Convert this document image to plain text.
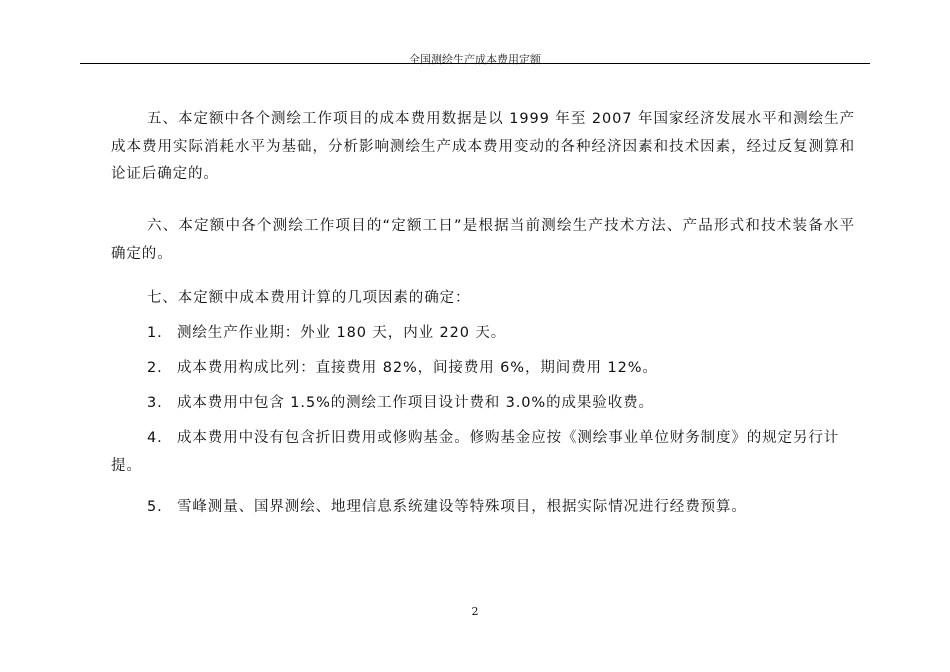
全国测绘生产成本费用定额
五、本定额中各个测绘工作项目的成本费用数据是以 1999 年至 2007 年国家经济发展水平和测绘生产成本费用实际消耗水平为基础，分析影响测绘生产成本费用变动的各种经济因素和技术因素，经过反复测算和论证后确定的。
六、本定额中各个测绘工作项目的“定额工日”是根据当前测绘生产技术方法、产品形式和技术装备水平确定的。
七、本定额中成本费用计算的几项因素的确定：
1. 测绘生产作业期：外业 180 天，内业 220 天。
2. 成本费用构成比列：直接费用 82%，间接费用 6%，期间费用 12%。
3. 成本费用中包含 1.5%的测绘工作项目设计费和 3.0%的成果验收费。
4. 成本费用中没有包含折旧费用或修购基金。修购基金应按《测绘事业单位财务制度》的规定另行计提。
5. 雪峰测量、国界测绘、地理信息系统建设等特殊项目，根据实际情况进行经费预算。
2
